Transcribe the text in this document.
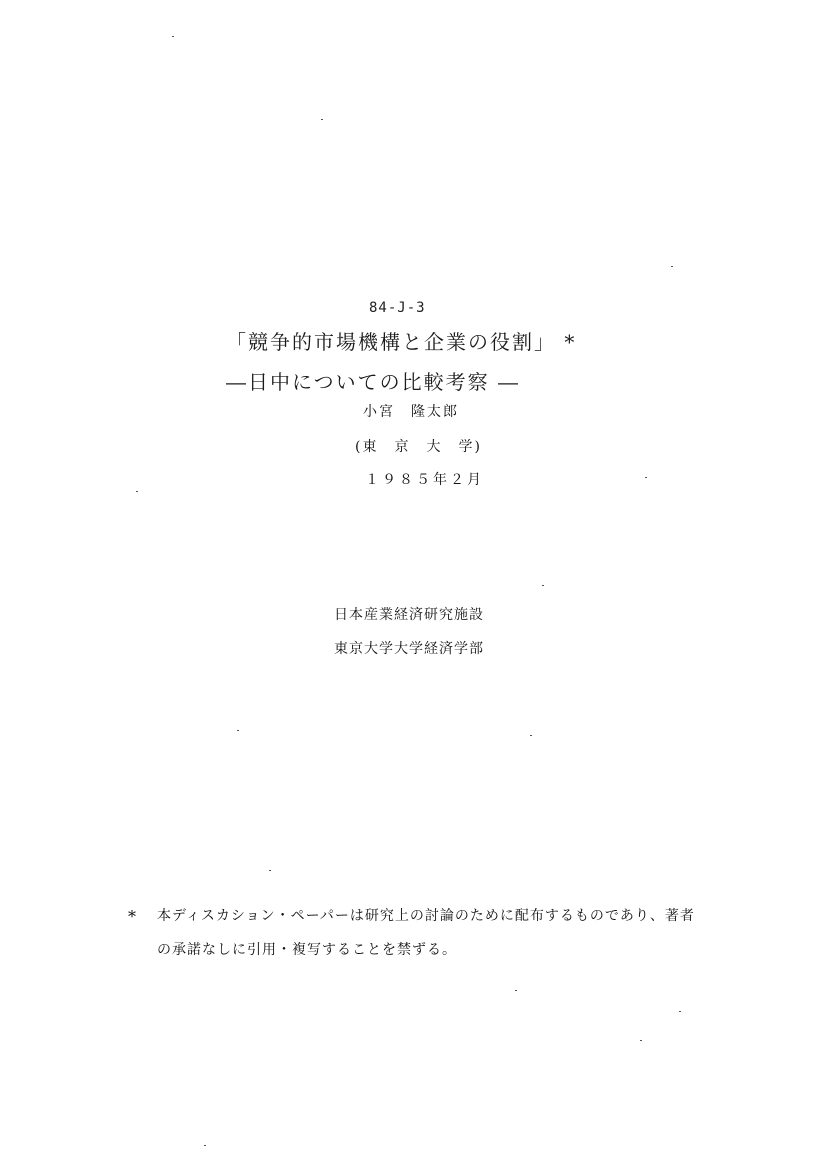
84-J-3
「競争的市場機構と企業の役割」 *
―日中についての比較考察 ―
小宮　隆太郎
(東　京　大　学)
１９８５年２月
日本産業経済研究施設
東京大学大学経済学部
* 本ディスカション・ペーパーは研究上の討論のために配布するものであり、著者
の承諾なしに引用・複写することを禁ずる。
